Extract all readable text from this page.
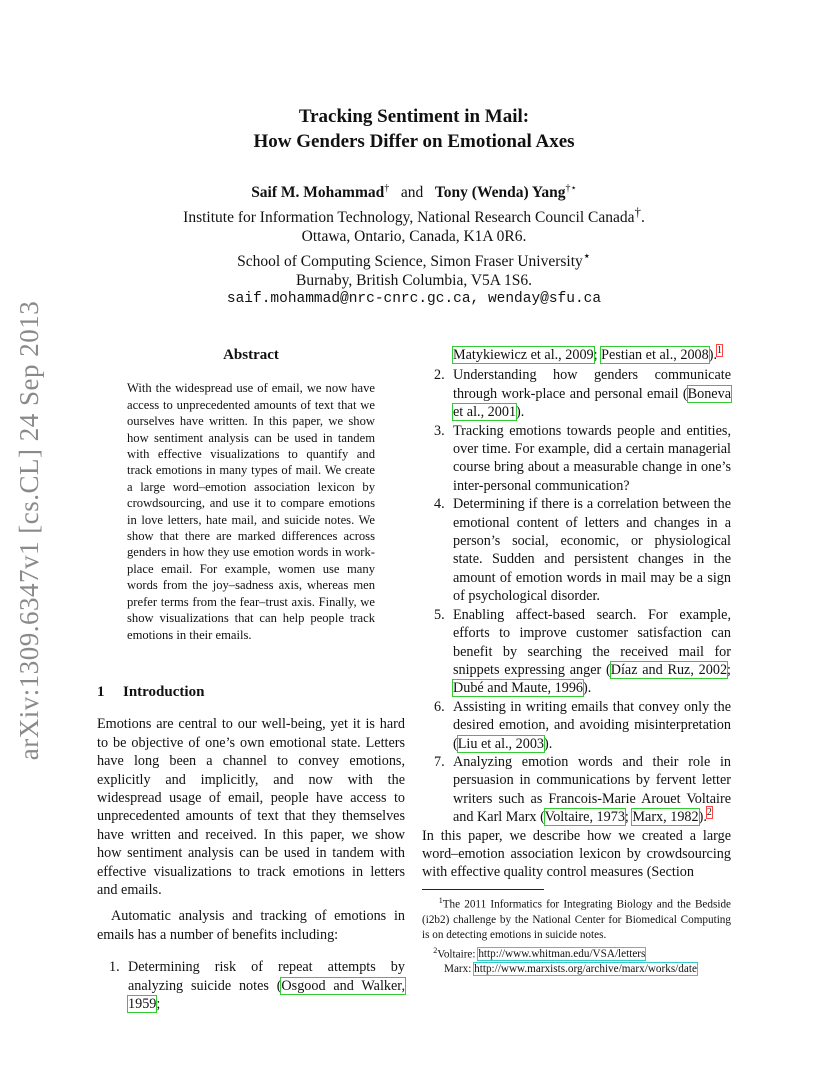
arXiv:1309.6347v1 [cs.CL] 24 Sep 2013
Tracking Sentiment in Mail:
How Genders Differ on Emotional Axes
Saif M. Mohammad† and Tony (Wenda) Yang†⋆
Institute for Information Technology, National Research Council Canada†.
Ottawa, Ontario, Canada, K1A 0R6.
School of Computing Science, Simon Fraser University⋆
Burnaby, British Columbia, V5A 1S6.
saif.mohammad@nrc-cnrc.gc.ca, wenday@sfu.ca
Abstract
With the widespread use of email, we now have access to unprecedented amounts of text that we ourselves have written. In this paper, we show how sentiment analysis can be used in tandem with effective visualizations to quantify and track emotions in many types of mail. We create a large word–emotion association lexicon by crowdsourcing, and use it to compare emotions in love letters, hate mail, and suicide notes. We show that there are marked differences across genders in how they use emotion words in work-place email. For example, women use many words from the joy–sadness axis, whereas men prefer terms from the fear–trust axis. Finally, we show visualizations that can help people track emotions in their emails.
1 Introduction
Emotions are central to our well-being, yet it is hard to be objective of one’s own emotional state. Letters have long been a channel to convey emotions, explicitly and implicitly, and now with the widespread usage of email, people have access to unprecedented amounts of text that they themselves have written and received. In this paper, we show how sentiment analysis can be used in tandem with effective visualizations to track emotions in letters and emails.
Automatic analysis and tracking of emotions in emails has a number of benefits including:
1. Determining risk of repeat attempts by analyzing suicide notes (Osgood and Walker, 1959;
Matykiewicz et al., 2009; Pestian et al., 2008).$^1$
2. Understanding how genders communicate through work-place and personal email (Boneva et al., 2001).
3. Tracking emotions towards people and entities, over time. For example, did a certain managerial course bring about a measurable change in one’s inter-personal communication?
4. Determining if there is a correlation between the emotional content of letters and changes in a person’s social, economic, or physiological state. Sudden and persistent changes in the amount of emotion words in mail may be a sign of psychological disorder.
5. Enabling affect-based search. For example, efforts to improve customer satisfaction can benefit by searching the received mail for snippets expressing anger (Díaz and Ruz, 2002; Dubé and Maute, 1996).
6. Assisting in writing emails that convey only the desired emotion, and avoiding misinterpretation (Liu et al., 2003).
7. Analyzing emotion words and their role in persuasion in communications by fervent letter writers such as Francois-Marie Arouet Voltaire and Karl Marx (Voltaire, 1973; Marx, 1982).$^2$
In this paper, we describe how we created a large word–emotion association lexicon by crowdsourcing with effective quality control measures (Section
$^1$The 2011 Informatics for Integrating Biology and the Bedside (i2b2) challenge by the National Center for Biomedical Computing is on detecting emotions in suicide notes.
$^2$Voltaire: http://www.whitman.edu/VSA/letters
Marx: http://www.marxists.org/archive/marx/works/date
